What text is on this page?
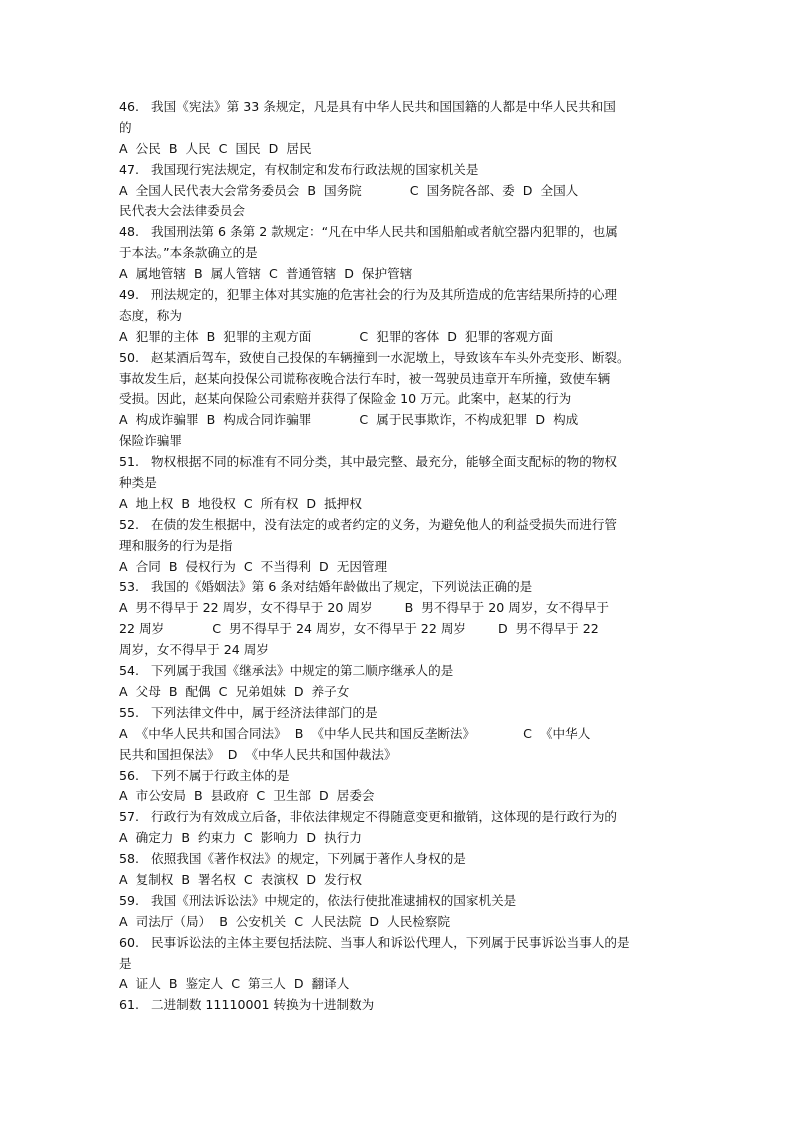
46.   我国《宪法》第 33 条规定，凡是具有中华人民共和国国籍的人都是中华人民共和国
的
A  公民  B  人民  C  国民  D  居民
47.   我国现行宪法规定，有权制定和发布行政法规的国家机关是
A  全国人民代表大会常务委员会  B  国务院            C  国务院各部、委  D  全国人
民代表大会法律委员会
48.   我国刑法第 6 条第 2 款规定：“凡在中华人民共和国船舶或者航空器内犯罪的，也属
于本法。”本条款确立的是
A  属地管辖  B  属人管辖  C  普通管辖  D  保护管辖
49.   刑法规定的，犯罪主体对其实施的危害社会的行为及其所造成的危害结果所持的心理
态度，称为
A  犯罪的主体  B  犯罪的主观方面            C  犯罪的客体  D  犯罪的客观方面
50.   赵某酒后驾车，致使自己投保的车辆撞到一水泥墩上，导致该车车头外壳变形、断裂。
事故发生后，赵某向投保公司谎称夜晚合法行车时，被一驾驶员违章开车所撞，致使车辆
受损。因此，赵某向保险公司索赔并获得了保险金 10 万元。此案中，赵某的行为
A  构成诈骗罪  B  构成合同诈骗罪            C  属于民事欺诈，不构成犯罪  D  构成
保险诈骗罪
51.   物权根据不同的标准有不同分类，其中最完整、最充分，能够全面支配标的物的物权
种类是
A  地上权  B  地役权  C  所有权  D  抵押权
52.   在债的发生根据中，没有法定的或者约定的义务，为避免他人的利益受损失而进行管
理和服务的行为是指
A  合同  B  侵权行为  C  不当得利  D  无因管理
53.   我国的《婚姻法》第 6 条对结婚年龄做出了规定，下列说法正确的是
A  男不得早于 22 周岁，女不得早于 20 周岁        B  男不得早于 20 周岁，女不得早于
22 周岁            C  男不得早于 24 周岁，女不得早于 22 周岁        D  男不得早于 22
周岁，女不得早于 24 周岁
54.   下列属于我国《继承法》中规定的第二顺序继承人的是
A  父母  B  配偶  C  兄弟姐妹  D  养子女
55.   下列法律文件中，属于经济法律部门的是
A  《中华人民共和国合同法》  B  《中华人民共和国反垄断法》            C  《中华人
民共和国担保法》  D  《中华人民共和国仲裁法》
56.   下列不属于行政主体的是
A  市公安局  B  县政府  C  卫生部  D  居委会
57.   行政行为有效成立后备，非依法律规定不得随意变更和撤销，这体现的是行政行为的
A  确定力  B  约束力  C  影响力  D  执行力
58.   依照我国《著作权法》的规定，下列属于著作人身权的是
A  复制权  B  署名权  C  表演权  D  发行权
59.   我国《刑法诉讼法》中规定的，依法行使批准逮捕权的国家机关是
A  司法厅（局）  B  公安机关  C  人民法院  D  人民检察院
60.   民事诉讼法的主体主要包括法院、当事人和诉讼代理人，下列属于民事诉讼当事人的是
是
A  证人  B  鉴定人  C  第三人  D  翻译人
61.   二进制数 11110001 转换为十进制数为
